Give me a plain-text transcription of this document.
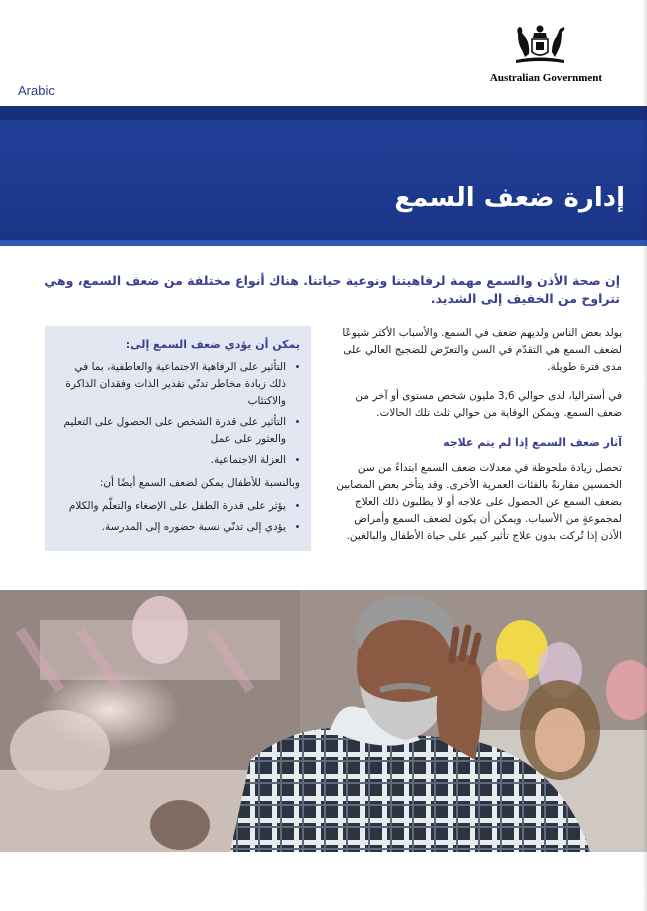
Arabic
Australian Government
إدارة ضعف السمع
إن صحة الأذن والسمع مهمة لرفاهيتنا ونوعية حياتنا. هناك أنواع مختلفة من ضعف السمع، وهي تتراوح من الخفيف إلى الشديد.

يولد بعض الناس ولديهم ضعف في السمع. والأسباب الأكثر شيوعًا لضعف السمع هي التقدّم في السن والتعرّض للضجيج العالي على مدى فترة طويلة.

في أستراليا، لدى حوالي 3,6 مليون شخص مستوى أو آخر من ضعف السمع. ويمكن الوقاية من حوالي ثلث تلك الحالات.

آثار ضعف السمع إذا لم يتم علاجه

تحصل زيادة ملحوظة في معدلات ضعف السمع ابتداءً من سن الخمسين مقارنةً بالفئات العمرية الأخرى. وقد يتأخر بعض المصابين بضعف السمع عن الحصول على علاجه أو لا يطلبون ذلك العلاج لمجموعةٍ من الأسباب. ويمكن أن يكون لضعف السمع وأمراض الأذن إذا تُركت بدون علاج تأثير كبير على حياة الأطفال والبالغين.

يمكن أن يؤدي ضعف السمع إلى:
• التأثير على الرفاهية الاجتماعية والعاطفية، بما في ذلك زيادة مخاطر تدنّي تقدير الذات وفقدان الذاكرة والاكتئاب
• التأثير على قدرة الشخص على الحصول على التعليم والعثور على عمل
• العزلة الاجتماعية.

وبالنسبة للأطفال يمكن لضعف السمع أيضًا أن:

• يؤثر على قدرة الطفل على الإصغاء والتعلّم والكلام
• يؤدي إلى تدنّي نسبة حضوره إلى المدرسة.
